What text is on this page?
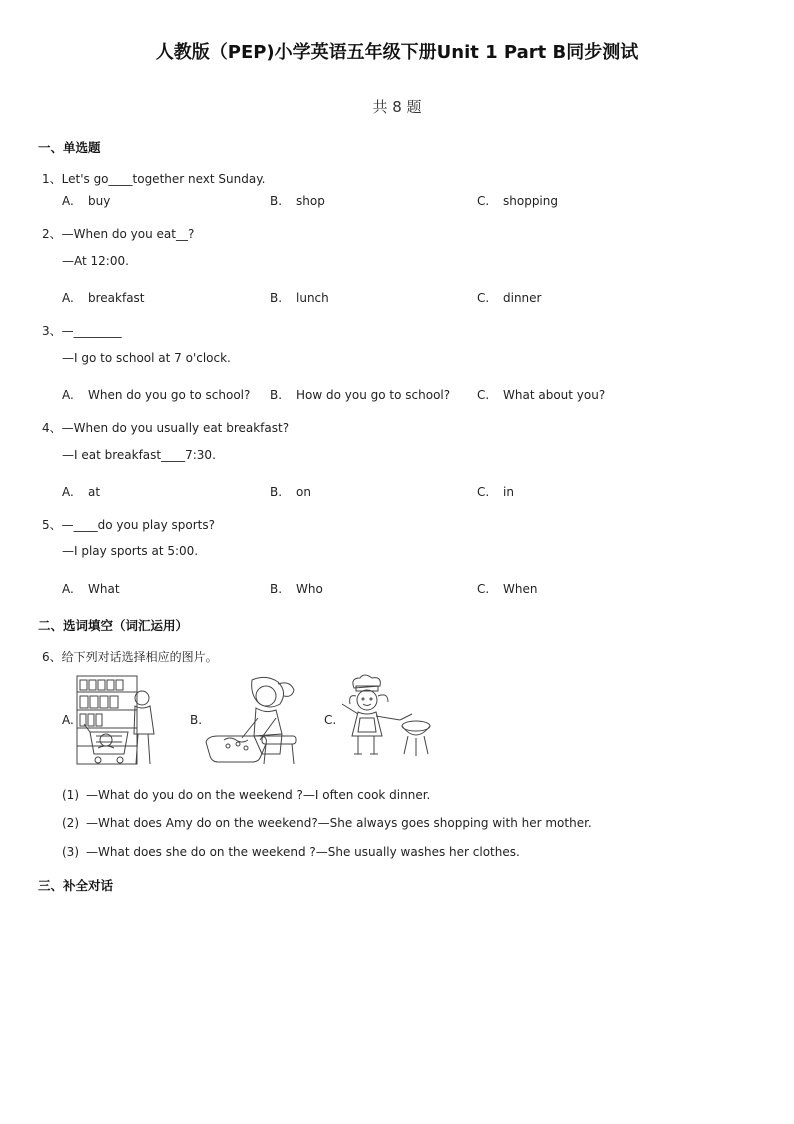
人教版（PEP)小学英语五年级下册Unit 1 Part B同步测试
共 8 题
一、单选题
1、Let's go____together next Sunday.
A. buy	B. shop	C. shopping
2、—When do you eat__?
—At 12:00.
A. breakfast	B. lunch	C. dinner
3、—________
—I go to school at 7 o'clock.
A. When do you go to school? B. How do you go to school? C. What about you?
4、—When do you usually eat breakfast?
—I eat breakfast____7:30.
A. at	B. on	C. in
5、—____do you play sports?
—I play sports at 5:00.
A. What	B. Who	C. When
二、选词填空（词汇运用）
6、给下列对话选择相应的图片。
A.	B.	C.
(1) —What do you do on the weekend ?—I often cook dinner.
(2) —What does Amy do on the weekend?—She always goes shopping with her mother.
(3) —What does she do on the weekend ?—She usually washes her clothes.
三、补全对话
